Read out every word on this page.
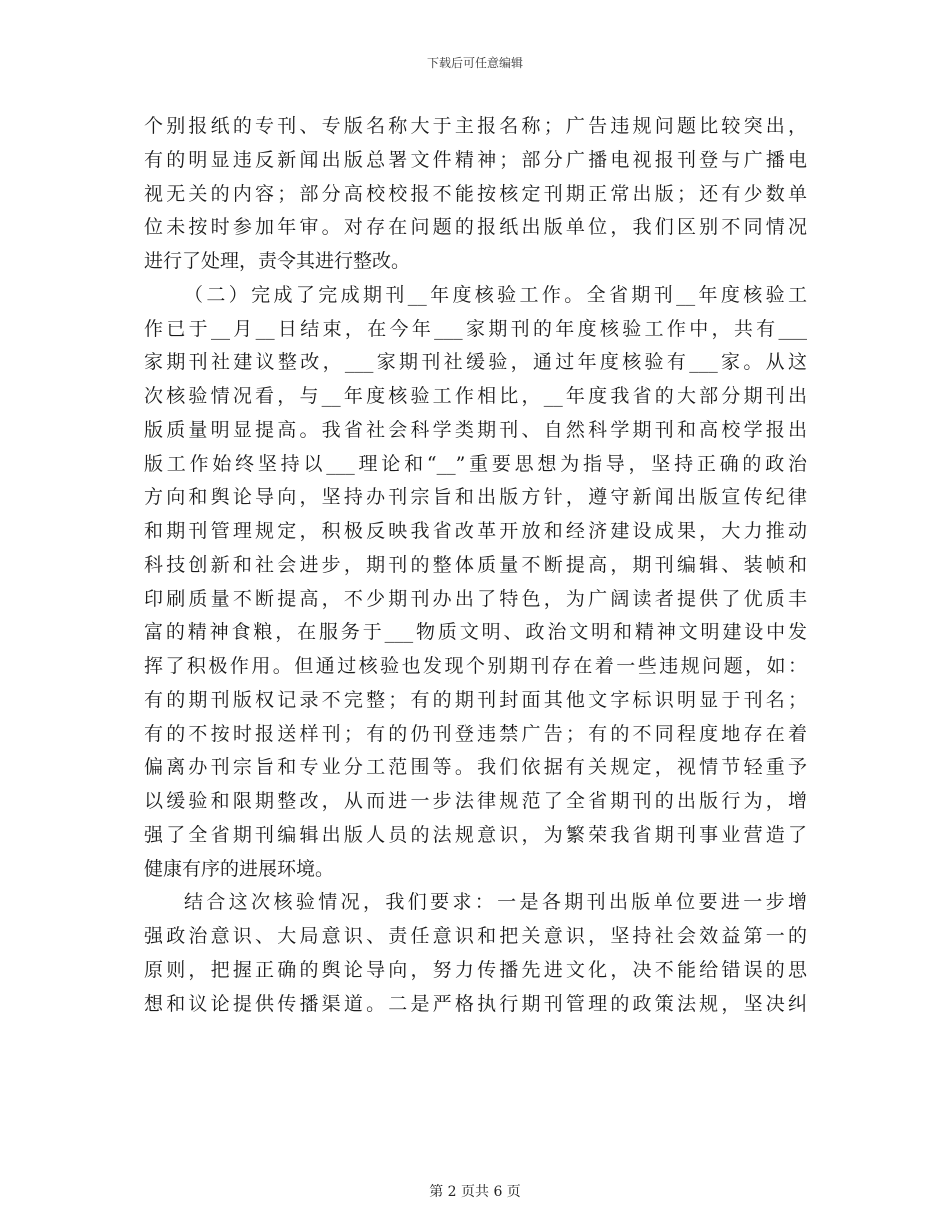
下载后可任意编辑
个别报纸的专刊、专版名称大于主报名称；广告违规问题比较突出，
有的明显违反新闻出版总署文件精神；部分广播电视报刊登与广播电
视无关的内容；部分高校校报不能按核定刊期正常出版；还有少数单
位未按时参加年审。对存在问题的报纸出版单位，我们区别不同情况
进行了处理，责令其进行整改。
（二）完成了完成期刊__年度核验工作。全省期刊__年度核验工
作已于__月__日结束，在今年___家期刊的年度核验工作中，共有___
家期刊社建议整改，___家期刊社缓验，通过年度核验有___家。从这
次核验情况看，与__年度核验工作相比，__年度我省的大部分期刊出
版质量明显提高。我省社会科学类期刊、自然科学期刊和高校学报出
版工作始终坚持以___理论和“__”重要思想为指导，坚持正确的政治
方向和舆论导向，坚持办刊宗旨和出版方针，遵守新闻出版宣传纪律
和期刊管理规定，积极反映我省改革开放和经济建设成果，大力推动
科技创新和社会进步，期刊的整体质量不断提高，期刊编辑、装帧和
印刷质量不断提高，不少期刊办出了特色，为广阔读者提供了优质丰
富的精神食粮，在服务于___物质文明、政治文明和精神文明建设中发
挥了积极作用。但通过核验也发现个别期刊存在着一些违规问题，如：
有的期刊版权记录不完整；有的期刊封面其他文字标识明显于刊名；
有的不按时报送样刊；有的仍刊登违禁广告；有的不同程度地存在着
偏离办刊宗旨和专业分工范围等。我们依据有关规定，视情节轻重予
以缓验和限期整改，从而进一步法律规范了全省期刊的出版行为，增
强了全省期刊编辑出版人员的法规意识，为繁荣我省期刊事业营造了
健康有序的进展环境。
结合这次核验情况，我们要求：一是各期刊出版单位要进一步增
强政治意识、大局意识、责任意识和把关意识，坚持社会效益第一的
原则，把握正确的舆论导向，努力传播先进文化，决不能给错误的思
想和议论提供传播渠道。二是严格执行期刊管理的政策法规，坚决纠
第 2 页共 6 页
